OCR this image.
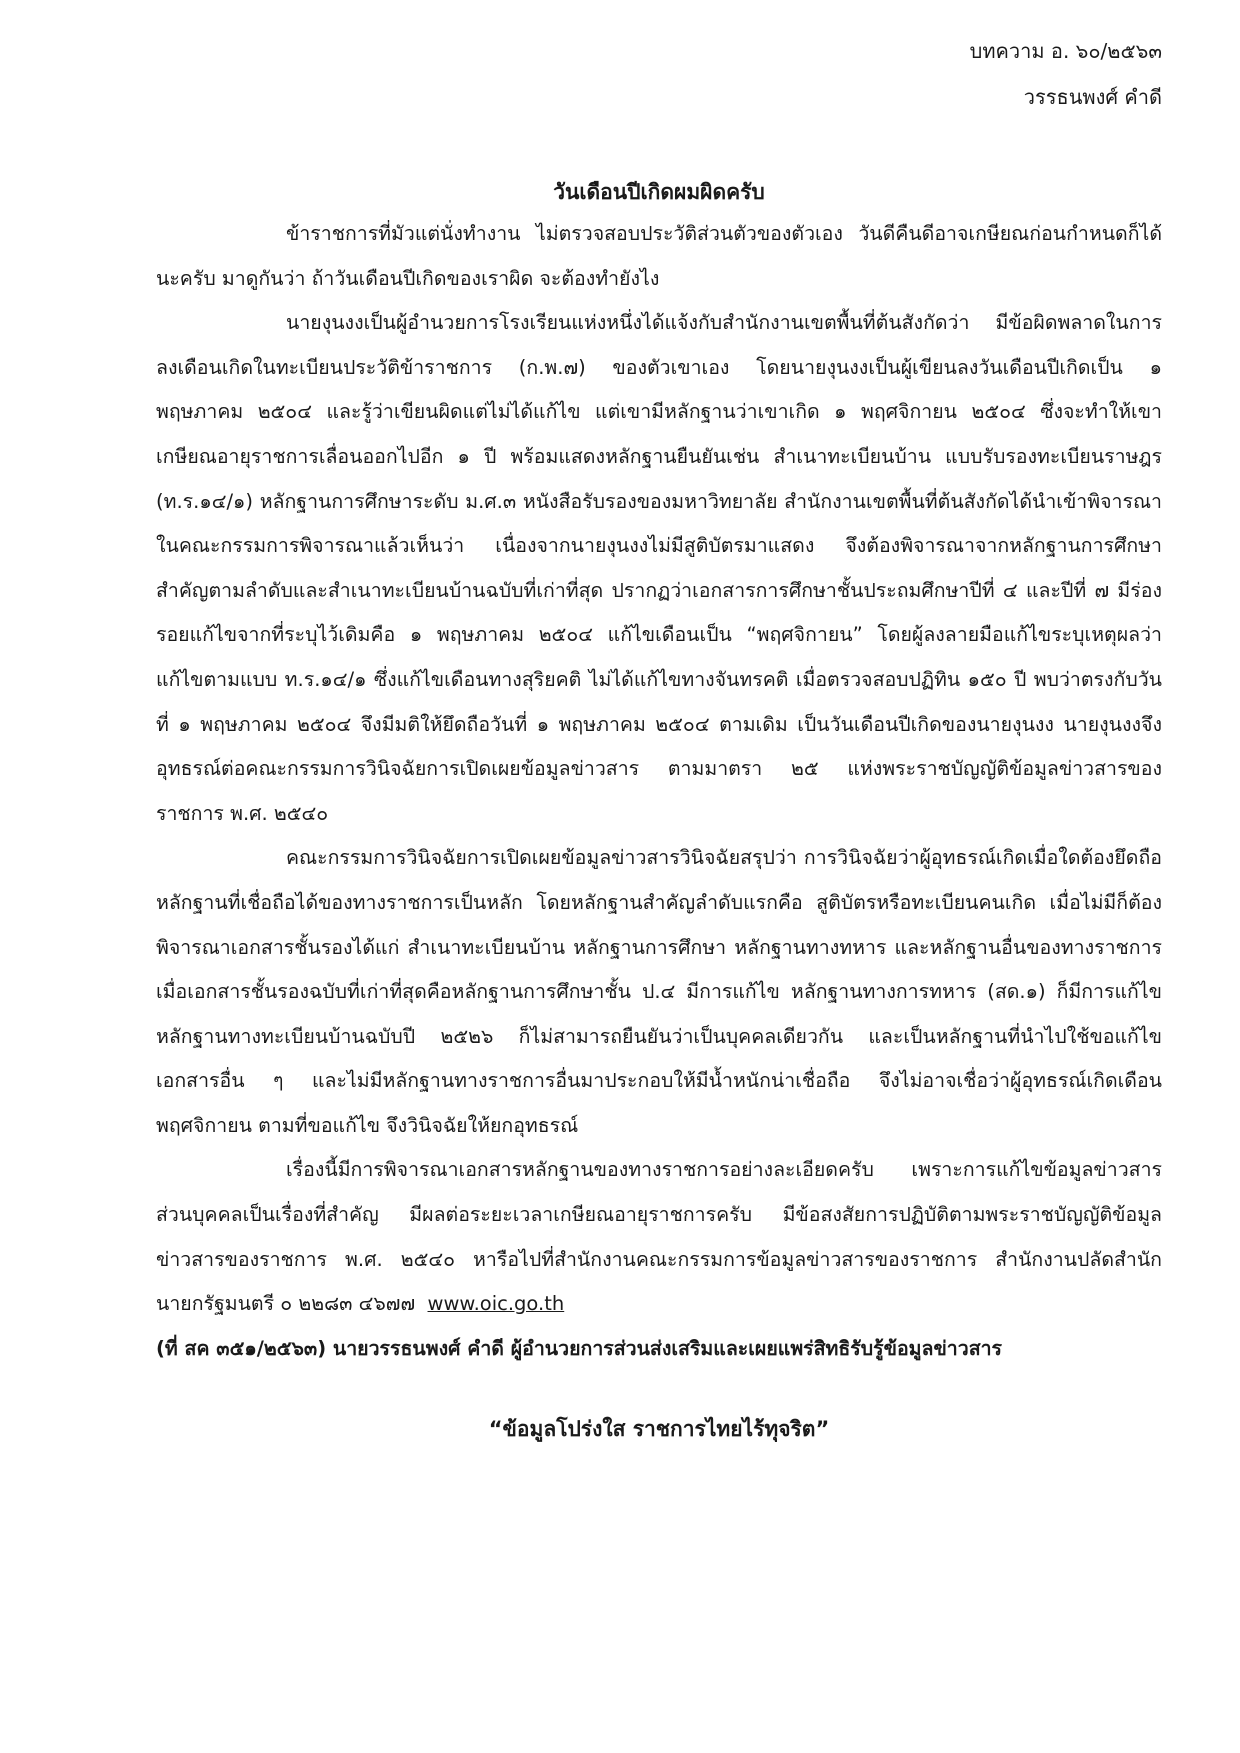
บทความ อ. ๖๐/๒๕๖๓
วรรธนพงศ์ คำดี
วันเดือนปีเกิดผมผิดครับ

ข้าราชการที่มัวแต่นั่งทำงาน ไม่ตรวจสอบประวัติส่วนตัวของตัวเอง วันดีคืนดีอาจเกษียณก่อนกำหนดก็ได้นะครับ มาดูกันว่า ถ้าวันเดือนปีเกิดของเราผิด จะต้องทำยังไง

นายงุนงงเป็นผู้อำนวยการโรงเรียนแห่งหนึ่งได้แจ้งกับสำนักงานเขตพื้นที่ต้นสังกัดว่า มีข้อผิดพลาดในการลงเดือนเกิดในทะเบียนประวัติข้าราชการ (ก.พ.๗) ของตัวเขาเอง โดยนายงุนงงเป็นผู้เขียนลงวันเดือนปีเกิดเป็น ๑ พฤษภาคม ๒๕๐๔ และรู้ว่าเขียนผิดแต่ไม่ได้แก้ไข แต่เขามีหลักฐานว่าเขาเกิด ๑ พฤศจิกายน ๒๕๐๔ ซึ่งจะทำให้เขาเกษียณอายุราชการเลื่อนออกไปอีก ๑ ปี พร้อมแสดงหลักฐานยืนยันเช่น สำเนาทะเบียนบ้าน แบบรับรองทะเบียนราษฎร (ท.ร.๑๔/๑) หลักฐานการศึกษาระดับ ม.ศ.๓ หนังสือรับรองของมหาวิทยาลัย สำนักงานเขตพื้นที่ต้นสังกัดได้นำเข้าพิจารณาในคณะกรรมการพิจารณาแล้วเห็นว่า เนื่องจากนายงุนงงไม่มีสูติบัตรมาแสดง จึงต้องพิจารณาจากหลักฐานการศึกษาสำคัญตามลำดับและสำเนาทะเบียนบ้านฉบับที่เก่าที่สุด ปรากฏว่าเอกสารการศึกษาชั้นประถมศึกษาปีที่ ๔ และปีที่ ๗ มีร่องรอยแก้ไขจากที่ระบุไว้เดิมคือ ๑ พฤษภาคม ๒๕๐๔ แก้ไขเดือนเป็น “พฤศจิกายน” โดยผู้ลงลายมือแก้ไขระบุเหตุผลว่า แก้ไขตามแบบ ท.ร.๑๔/๑ ซึ่งแก้ไขเดือนทางสุริยคติ ไม่ได้แก้ไขทางจันทรคติ เมื่อตรวจสอบปฏิทิน ๑๕๐ ปี พบว่าตรงกับวันที่ ๑ พฤษภาคม ๒๕๐๔ จึงมีมติให้ยึดถือวันที่ ๑ พฤษภาคม ๒๕๐๔ ตามเดิม เป็นวันเดือนปีเกิดของนายงุนงง นายงุนงงจึงอุทธรณ์ต่อคณะกรรมการวินิจฉัยการเปิดเผยข้อมูลข่าวสาร ตามมาตรา ๒๕ แห่งพระราชบัญญัติข้อมูลข่าวสารของราชการ พ.ศ. ๒๕๔๐

คณะกรรมการวินิจฉัยการเปิดเผยข้อมูลข่าวสารวินิจฉัยสรุปว่า การวินิจฉัยว่าผู้อุทธรณ์เกิดเมื่อใดต้องยึดถือหลักฐานที่เชื่อถือได้ของทางราชการเป็นหลัก โดยหลักฐานสำคัญลำดับแรกคือ สูติบัตรหรือทะเบียนคนเกิด เมื่อไม่มีก็ต้องพิจารณาเอกสารชั้นรองได้แก่ สำเนาทะเบียนบ้าน หลักฐานการศึกษา หลักฐานทางทหาร และหลักฐานอื่นของทางราชการ เมื่อเอกสารชั้นรองฉบับที่เก่าที่สุดคือหลักฐานการศึกษาชั้น ป.๔ มีการแก้ไข หลักฐานทางการทหาร (สด.๑) ก็มีการแก้ไข หลักฐานทางทะเบียนบ้านฉบับปี ๒๕๒๖ ก็ไม่สามารถยืนยันว่าเป็นบุคคลเดียวกัน และเป็นหลักฐานที่นำไปใช้ขอแก้ไขเอกสารอื่น ๆ และไม่มีหลักฐานทางราชการอื่นมาประกอบให้มีน้ำหนักน่าเชื่อถือ จึงไม่อาจเชื่อว่าผู้อุทธรณ์เกิดเดือน พฤศจิกายน ตามที่ขอแก้ไข จึงวินิจฉัยให้ยกอุทธรณ์

เรื่องนี้มีการพิจารณาเอกสารหลักฐานของทางราชการอย่างละเอียดครับ เพราะการแก้ไขข้อมูลข่าวสารส่วนบุคคลเป็นเรื่องที่สำคัญ มีผลต่อระยะเวลาเกษียณอายุราชการครับ มีข้อสงสัยการปฏิบัติตามพระราชบัญญัติข้อมูลข่าวสารของราชการ พ.ศ. ๒๕๔๐ หารือไปที่สำนักงานคณะกรรมการข้อมูลข่าวสารของราชการ สำนักงานปลัดสำนักนายกรัฐมนตรี ๐ ๒๒๘๓ ๔๖๗๗ www.oic.go.th

(ที่ สค ๓๕๑/๒๕๖๓) นายวรรธนพงศ์ คำดี ผู้อำนวยการส่วนส่งเสริมและเผยแพร่สิทธิรับรู้ข้อมูลข่าวสาร
“ข้อมูลโปร่งใส ราชการไทยไร้ทุจริต”
